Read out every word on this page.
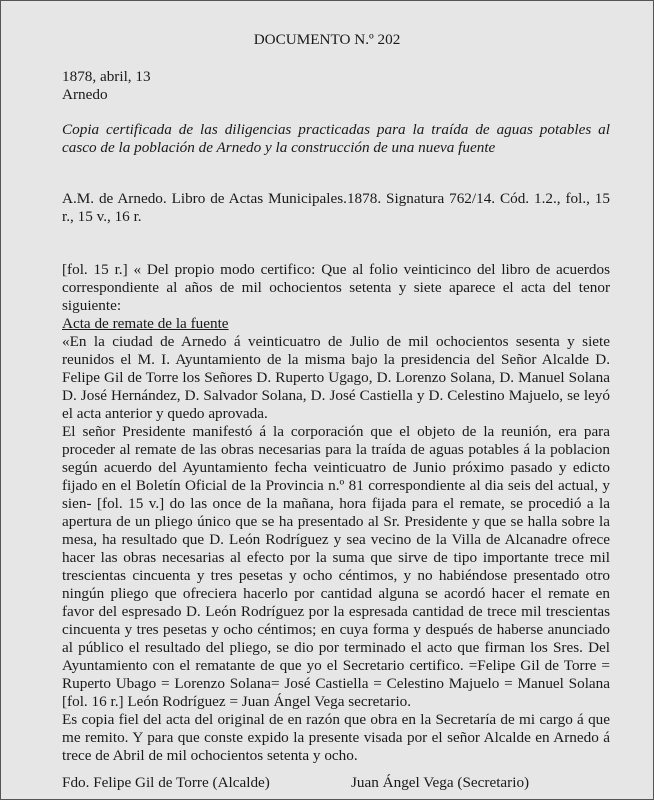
DOCUMENTO N.º 202
1878, abril, 13
Arnedo
Copia certificada de las diligencias practicadas para la traída de aguas potables al casco de la población de Arnedo y la construcción de una nueva fuente
A.M. de Arnedo. Libro de Actas Municipales.1878. Signatura 762/14. Cód. 1.2., fol., 15 r., 15 v., 16 r.

[fol. 15 r.] « Del propio modo certifico: Que al folio veinticinco del libro de acuerdos correspondiente al años de mil ochocientos setenta y siete aparece el acta del tenor siguiente:

Acta de remate de la fuente

«En la ciudad de Arnedo á veinticuatro de Julio de mil ochocientos sesenta y siete reunidos el M. I. Ayuntamiento de la misma bajo la presidencia del Señor Alcalde D. Felipe Gil de Torre los Señores D. Ruperto Ugago, D. Lorenzo Solana, D. Manuel Solana D. José Hernández, D. Salvador Solana, D. José Castiella y D. Celestino Majuelo, se leyó el acta anterior y quedo aprovada.

El señor Presidente manifestó á la corporación que el objeto de la reunión, era para proceder al remate de las obras necesarias para la traída de aguas potables á la poblacion según acuerdo del Ayuntamiento fecha veinticuatro de Junio próximo pasado y edicto fijado en el Boletín Oficial de la Provincia n.º 81 correspondiente al dia seis del actual, y sien- [fol. 15 v.] do las once de la mañana, hora fijada para el remate, se procedió a la apertura de un pliego único que se ha presentado al Sr. Presidente y que se halla sobre la mesa, ha resultado que D. León Rodríguez y sea vecino de la Villa de Alcanadre ofrece hacer las obras necesarias al efecto por la suma que sirve de tipo importante trece mil trescientas cincuenta y tres pesetas y ocho céntimos, y no habiéndose presentado otro ningún pliego que ofreciera hacerlo por cantidad alguna se acordó hacer el remate en favor del espresado D. León Rodríguez por la espresada cantidad de trece mil trescientas cincuenta y tres pesetas y ocho céntimos; en cuya forma y después de haberse anunciado al público el resultado del pliego, se dio por terminado el acto que firman los Sres. Del Ayuntamiento con el rematante de que yo el Secretario certifico. =Felipe Gil de Torre = Ruperto Ubago = Lorenzo Solana= José Castiella = Celestino Majuelo = Manuel Solana [fol. 16 r.] León Rodríguez = Juan Ángel Vega secretario.

Es copia fiel del acta del original de en razón que obra en la Secretaría de mi cargo á que me remito. Y para que conste expido la presente visada por el señor Alcalde en Arnedo á trece de Abril de mil ochocientos setenta y ocho.

Fdo. Felipe Gil de Torre (Alcalde)	Juan Ángel Vega (Secretario)
